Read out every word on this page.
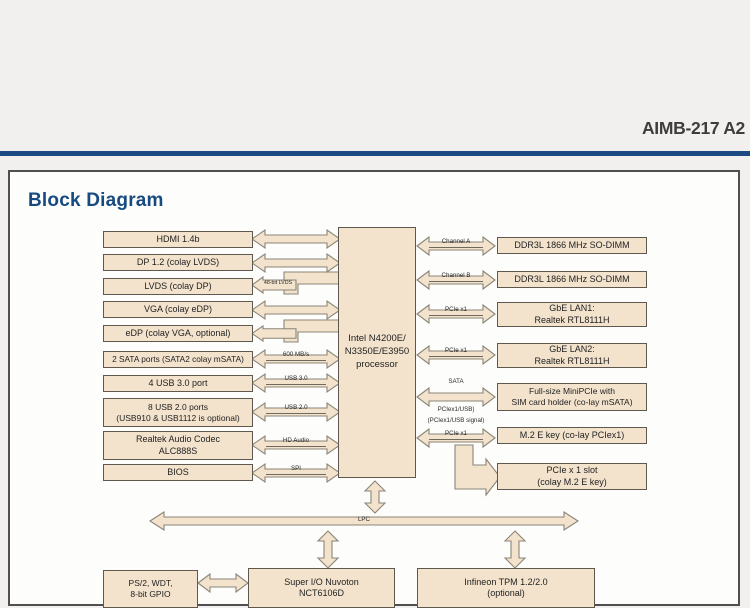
AIMB-217 A2
Block Diagram
HDMI 1.4b
DP 1.2 (colay LVDS)
LVDS (colay DP)
VGA (colay eDP)
eDP (colay VGA, optional)
2 SATA ports (SATA2 colay mSATA)
4 USB 3.0 port
8 USB 2.0 ports
(USB910 & USB1112 is optional)
Realtek Audio Codec
ALC888S
BIOS
48-bit LVDS
600 MB/s
USB 3.0
USB 2.0
HD Audio
SPI
Intel N4200E/
N3350E/E3950
processor
Channel A
Channel B
PCIe x1
PCIe x1
SATA
PCIex1/USB)
(PCIex1/USB signal)
PCIe x1
DDR3L 1866 MHz SO-DIMM
DDR3L 1866 MHz SO-DIMM
GbE LAN1:
Realtek RTL8111H
GbE LAN2:
Realtek RTL8111H
Full-size MiniPCIe with
SIM card holder (co-lay mSATA)
M.2 E key (co-lay PCIex1)
PCIe x 1 slot
(colay M.2 E key)
LPC
PS/2, WDT,
8-bit GPIO
Super I/O Nuvoton
NCT6106D
Infineon TPM 1.2/2.0
(optional)
